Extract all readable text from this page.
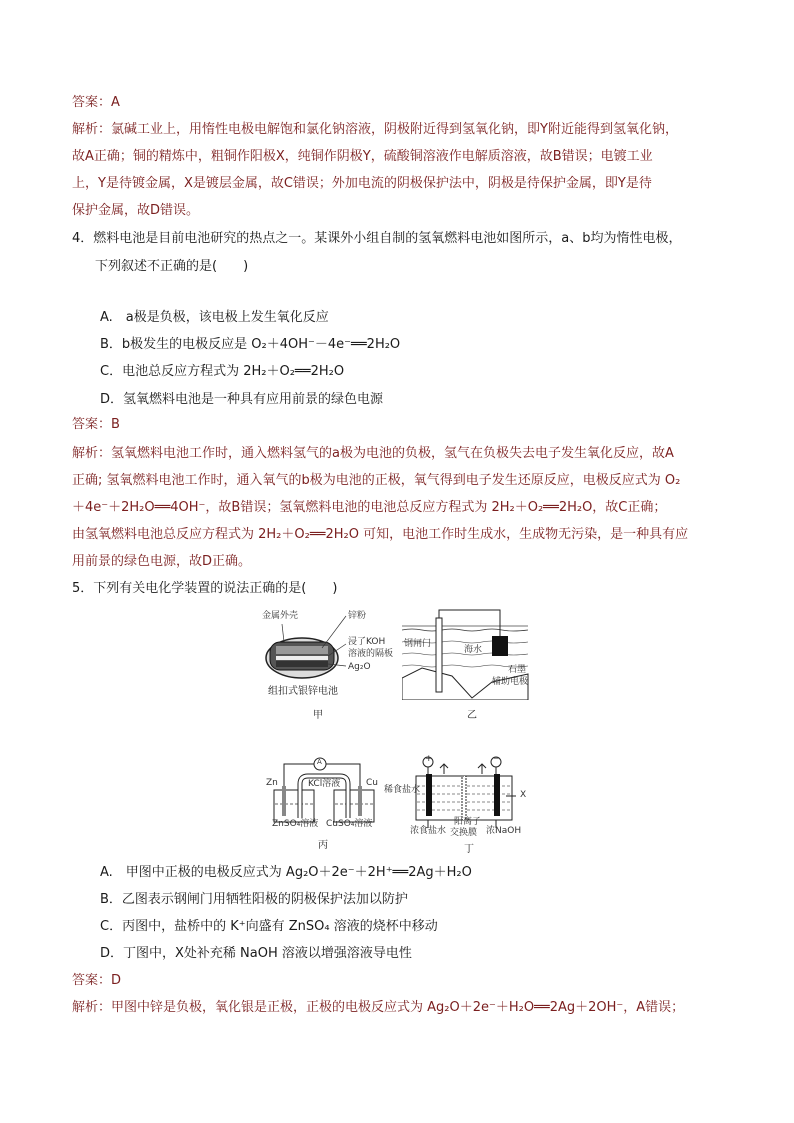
答案：A
解析：氯碱工业上，用惰性电极电解饱和氯化钠溶液，阴极附近得到氢氧化钠，即Y附近能得到氢氧化钠，
故A正确；铜的精炼中，粗铜作阳极X，纯铜作阴极Y，硫酸铜溶液作电解质溶液，故B错误；电镀工业
上，Y是待镀金属，X是镀层金属，故C错误；外加电流的阴极保护法中，阴极是待保护金属，即Y是待
保护金属，故D错误。
4．燃料电池是目前电池研究的热点之一。某课外小组自制的氢氧燃料电池如图所示，a、b均为惰性电极，
下列叙述不正确的是(　　)
A.　a极是负极，该电极上发生氧化反应
B．b极发生的电极反应是 O₂＋4OH⁻－4e⁻══2H₂O
C．电池总反应方程式为 2H₂＋O₂══2H₂O
D．氢氧燃料电池是一种具有应用前景的绿色电源
答案：B
解析：氢氧燃料电池工作时，通入燃料氢气的a极为电池的负极，氢气在负极失去电子发生氧化反应，故A
正确; 氢氧燃料电池工作时，通入氧气的b极为电池的正极，氧气得到电子发生还原反应，电极反应式为 O₂
＋4e⁻＋2H₂O══4OH⁻，故B错误；氢氧燃料电池的电池总反应方程式为 2H₂＋O₂══2H₂O，故C正确；
由氢氧燃料电池总反应方程式为 2H₂＋O₂══2H₂O 可知，电池工作时生成水，生成物无污染，是一种具有应
用前景的绿色电源，故D正确。
5．下列有关电化学装置的说法正确的是(　　)
金属外壳	锌粉
浸了KOH
溶液的隔板
Ag₂O
组扣式银锌电池
甲
钢闸门
海水
石墨
辅助电极
乙
A
Zn	KCl溶液	Cu
ZnSO₄溶液 CuSO₄溶液
丙
+	−
稀食盐水	X
浓食盐水
阳离子
交换膜 浓NaOH
丁
A.　甲图中正极的电极反应式为 Ag₂O＋2e⁻＋2H⁺══2Ag＋H₂O
B．乙图表示钢闸门用牺牲阳极的阴极保护法加以防护
C．丙图中，盐桥中的 K⁺向盛有 ZnSO₄ 溶液的烧杯中移动
D．丁图中，X处补充稀 NaOH 溶液以增强溶液导电性
答案：D
解析：甲图中锌是负极，氧化银是正极，正极的电极反应式为 Ag₂O＋2e⁻＋H₂O══2Ag＋2OH⁻，A错误；
